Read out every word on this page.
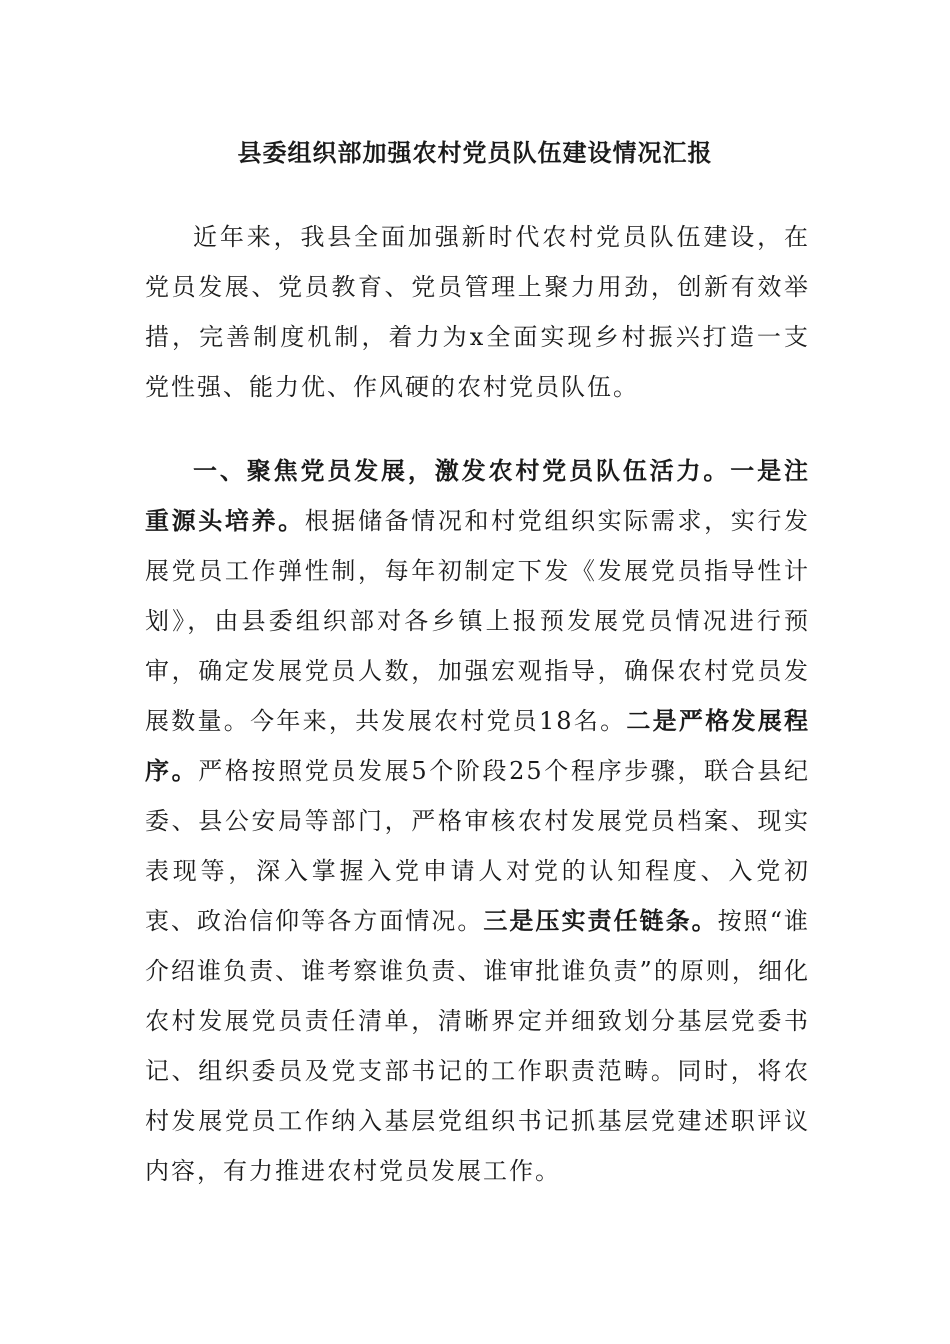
县委组织部加强农村党员队伍建设情况汇报

近年来，我县全面加强新时代农村党员队伍建设，在党员发展、党员教育、党员管理上聚力用劲，创新有效举措，完善制度机制，着力为x全面实现乡村振兴打造一支党性强、能力优、作风硬的农村党员队伍。

一、聚焦党员发展，激发农村党员队伍活力。一是注重源头培养。根据储备情况和村党组织实际需求，实行发展党员工作弹性制，每年初制定下发《发展党员指导性计划》，由县委组织部对各乡镇上报预发展党员情况进行预审，确定发展党员人数，加强宏观指导，确保农村党员发展数量。今年来，共发展农村党员18名。二是严格发展程序。严格按照党员发展5个阶段25个程序步骤，联合县纪委、县公安局等部门，严格审核农村发展党员档案、现实表现等，深入掌握入党申请人对党的认知程度、入党初衷、政治信仰等各方面情况。三是压实责任链条。按照“谁介绍谁负责、谁考察谁负责、谁审批谁负责”的原则，细化农村发展党员责任清单，清晰界定并细致划分基层党委书记、组织委员及党支部书记的工作职责范畴。同时，将农村发展党员工作纳入基层党组织书记抓基层党建述职评议内容，有力推进农村党员发展工作。
